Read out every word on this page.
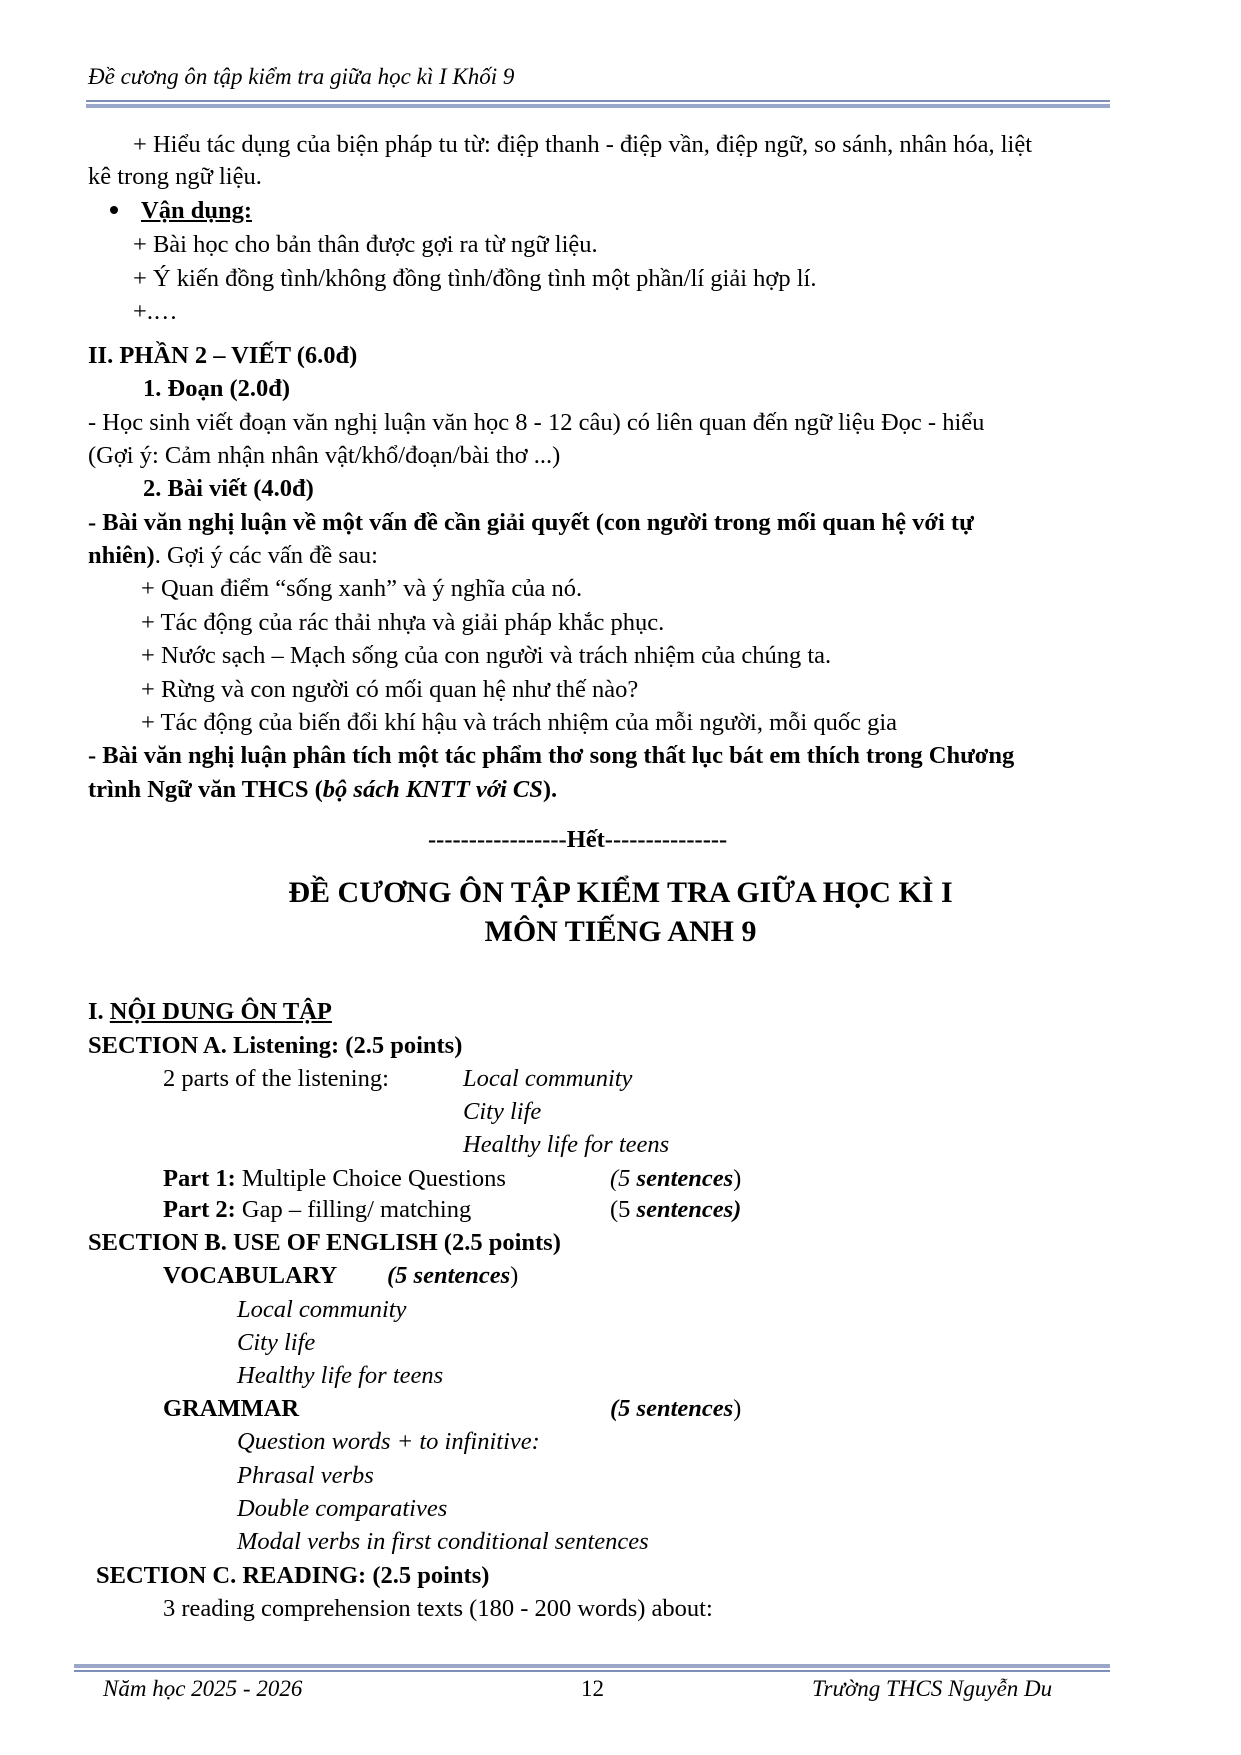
Đề cương ôn tập kiểm tra giữa học kì I Khối 9
+ Hiểu tác dụng của biện pháp tu từ: điệp thanh - điệp vần, điệp ngữ, so sánh, nhân hóa, liệt
kê trong ngữ liệu.
Vận dụng:
+ Bài học cho bản thân được gợi ra từ ngữ liệu.
+ Ý kiến đồng tình/không đồng tình/đồng tình một phần/lí giải hợp lí.
+.…
II. PHẦN 2 – VIẾT (6.0đ)
1. Đoạn (2.0đ)
- Học sinh viết đoạn văn nghị luận văn học 8 - 12 câu) có liên quan đến ngữ liệu Đọc - hiểu
(Gợi ý: Cảm nhận nhân vật/khổ/đoạn/bài thơ ...)
2. Bài viết (4.0đ)
- Bài văn nghị luận về một vấn đề cần giải quyết (con người trong mối quan hệ với tự
nhiên). Gợi ý các vấn đề sau:
+ Quan điểm “sống xanh” và ý nghĩa của nó.
+ Tác động của rác thải nhựa và giải pháp khắc phục.
+ Nước sạch – Mạch sống của con người và trách nhiệm của chúng ta.
+ Rừng và con người có mối quan hệ như thế nào?
+ Tác động của biến đổi khí hậu và trách nhiệm của mỗi người, mỗi quốc gia
- Bài văn nghị luận phân tích một tác phẩm thơ song thất lục bát em thích trong Chương
trình Ngữ văn THCS (bộ sách KNTT với CS).
-----------------Hết---------------
ĐỀ CƯƠNG ÔN TẬP KIỂM TRA GIỮA HỌC KÌ I
MÔN TIẾNG ANH 9
I. NỘI DUNG ÔN TẬP
SECTION A. Listening: (2.5 points)
2 parts of the listening:	Local community
City life
Healthy life for teens
Part 1: Multiple Choice Questions	(5 sentences)
Part 2: Gap – filling/ matching	(5 sentences)
SECTION B. USE OF ENGLISH (2.5 points)
VOCABULARY (5 sentences)
Local community
City life
Healthy life for teens
GRAMMAR	(5 sentences)
Question words + to infinitive:
Phrasal verbs
Double comparatives
Modal verbs in first conditional sentences
SECTION C. READING: (2.5 points)
3 reading comprehension texts (180 - 200 words) about:
Năm học 2025 - 2026	12	Trường THCS Nguyễn Du
